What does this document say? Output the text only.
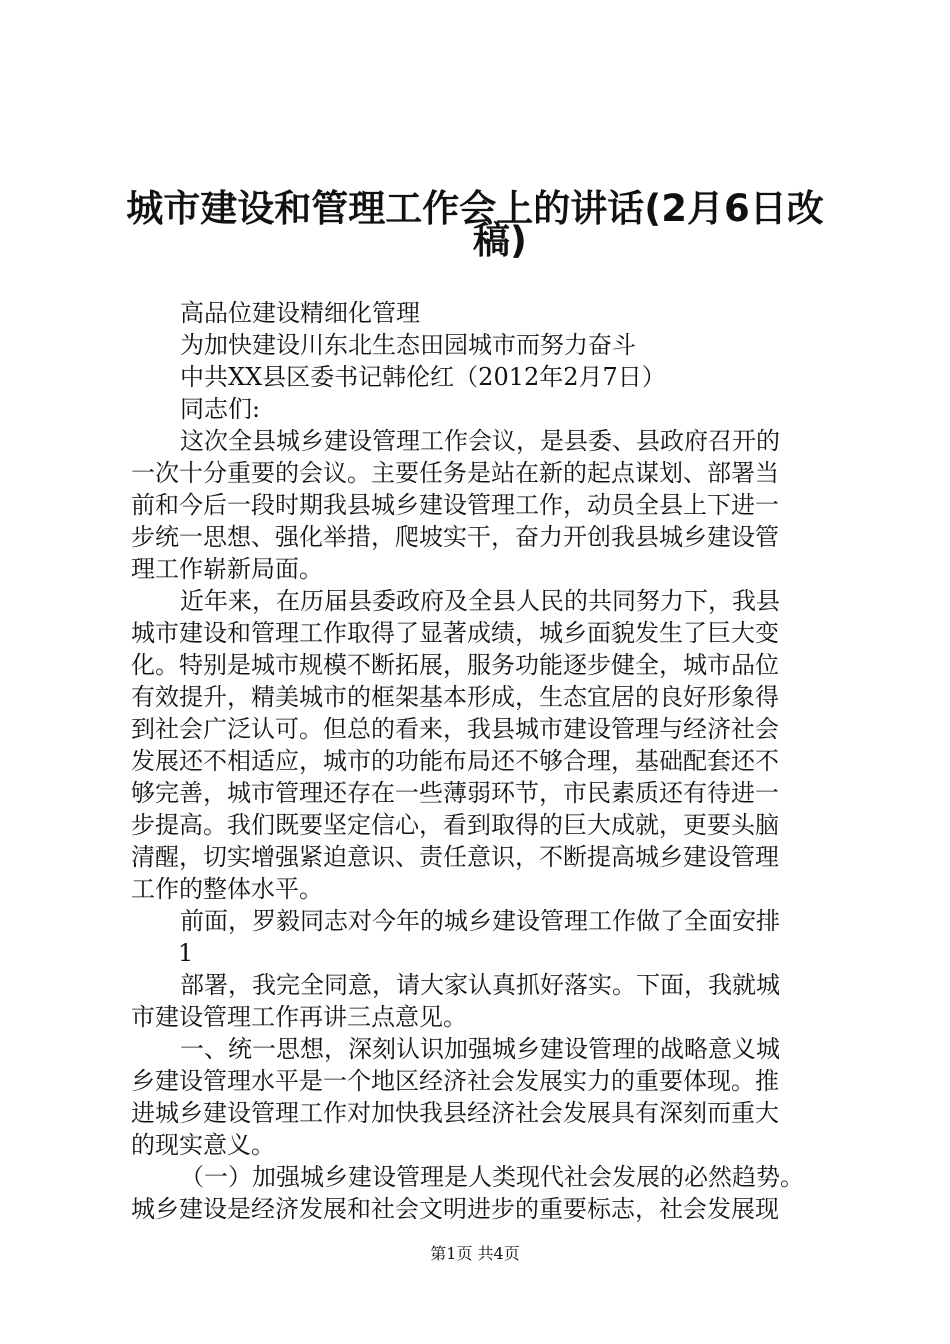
城市建设和管理工作会上的讲话(2月6日改
稿)
高品位建设精细化管理
为加快建设川东北生态田园城市而努力奋斗
中共XX县区委书记韩伦红（2012年2月7日）
同志们:
这次全县城乡建设管理工作会议，是县委、县政府召开的
一次十分重要的会议。主要任务是站在新的起点谋划、部署当
前和今后一段时期我县城乡建设管理工作，动员全县上下进一
步统一思想、强化举措，爬坡实干，奋力开创我县城乡建设管
理工作崭新局面。
近年来，在历届县委政府及全县人民的共同努力下，我县
城市建设和管理工作取得了显著成绩，城乡面貌发生了巨大变
化。特别是城市规模不断拓展，服务功能逐步健全，城市品位
有效提升，精美城市的框架基本形成，生态宜居的良好形象得
到社会广泛认可。但总的看来，我县城市建设管理与经济社会
发展还不相适应，城市的功能布局还不够合理，基础配套还不
够完善，城市管理还存在一些薄弱环节，市民素质还有待进一
步提高。我们既要坚定信心，看到取得的巨大成就，更要头脑
清醒，切实增强紧迫意识、责任意识，不断提高城乡建设管理
工作的整体水平。
前面，罗毅同志对今年的城乡建设管理工作做了全面安排
1
部署，我完全同意，请大家认真抓好落实。下面，我就城
市建设管理工作再讲三点意见。
一、统一思想，深刻认识加强城乡建设管理的战略意义城
乡建设管理水平是一个地区经济社会发展实力的重要体现。推
进城乡建设管理工作对加快我县经济社会发展具有深刻而重大
的现实意义。
（一）加强城乡建设管理是人类现代社会发展的必然趋势。
城乡建设是经济发展和社会文明进步的重要标志，社会发展现
第1页 共4页
